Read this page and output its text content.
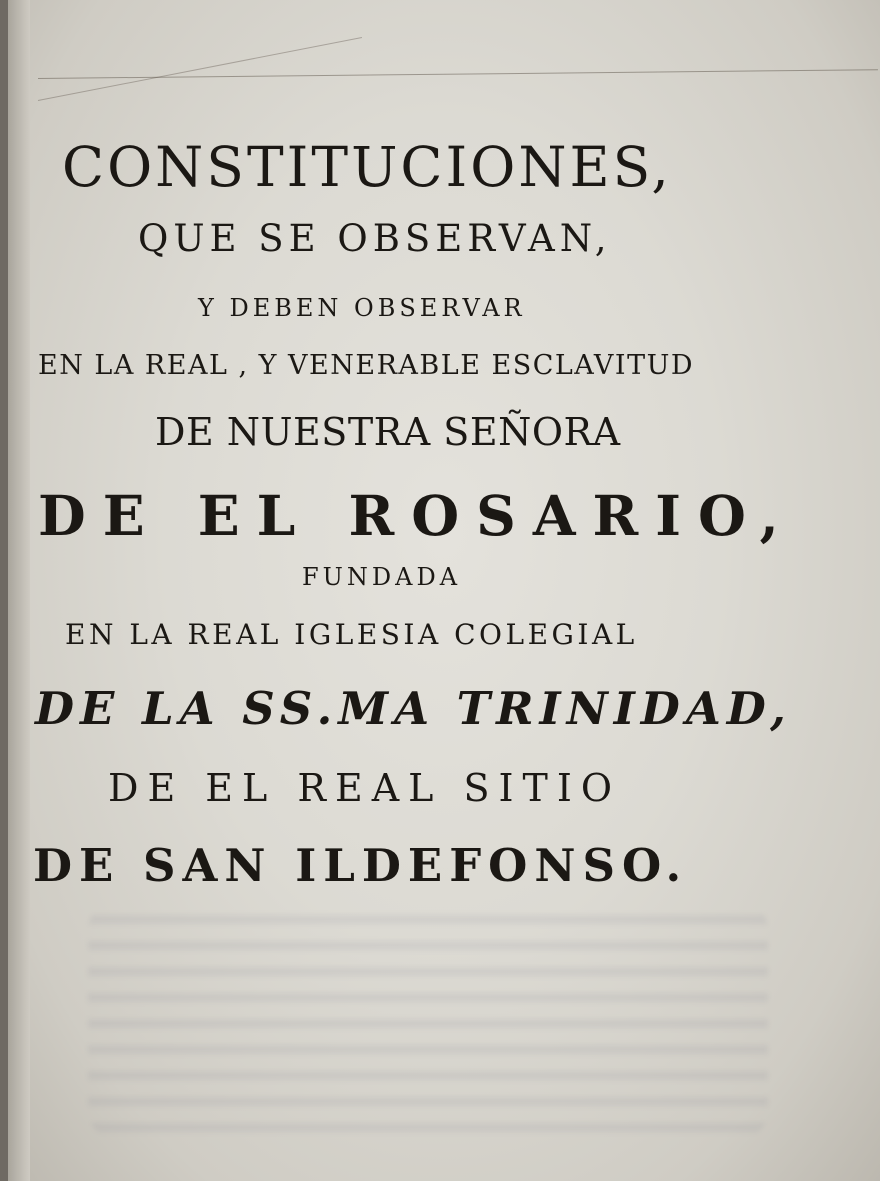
CONSTITUCIONES,
QUE SE OBSERVAN,
Y DEBEN OBSERVAR
EN LA REAL , Y VENERABLE ESCLAVITUD
DE NUESTRA SEÑORA
DE EL ROSARIO,
FUNDADA
EN LA REAL IGLESIA COLEGIAL
DE LA SS.MA TRINIDAD,
DE EL REAL SITIO
DE SAN ILDEFONSO.
